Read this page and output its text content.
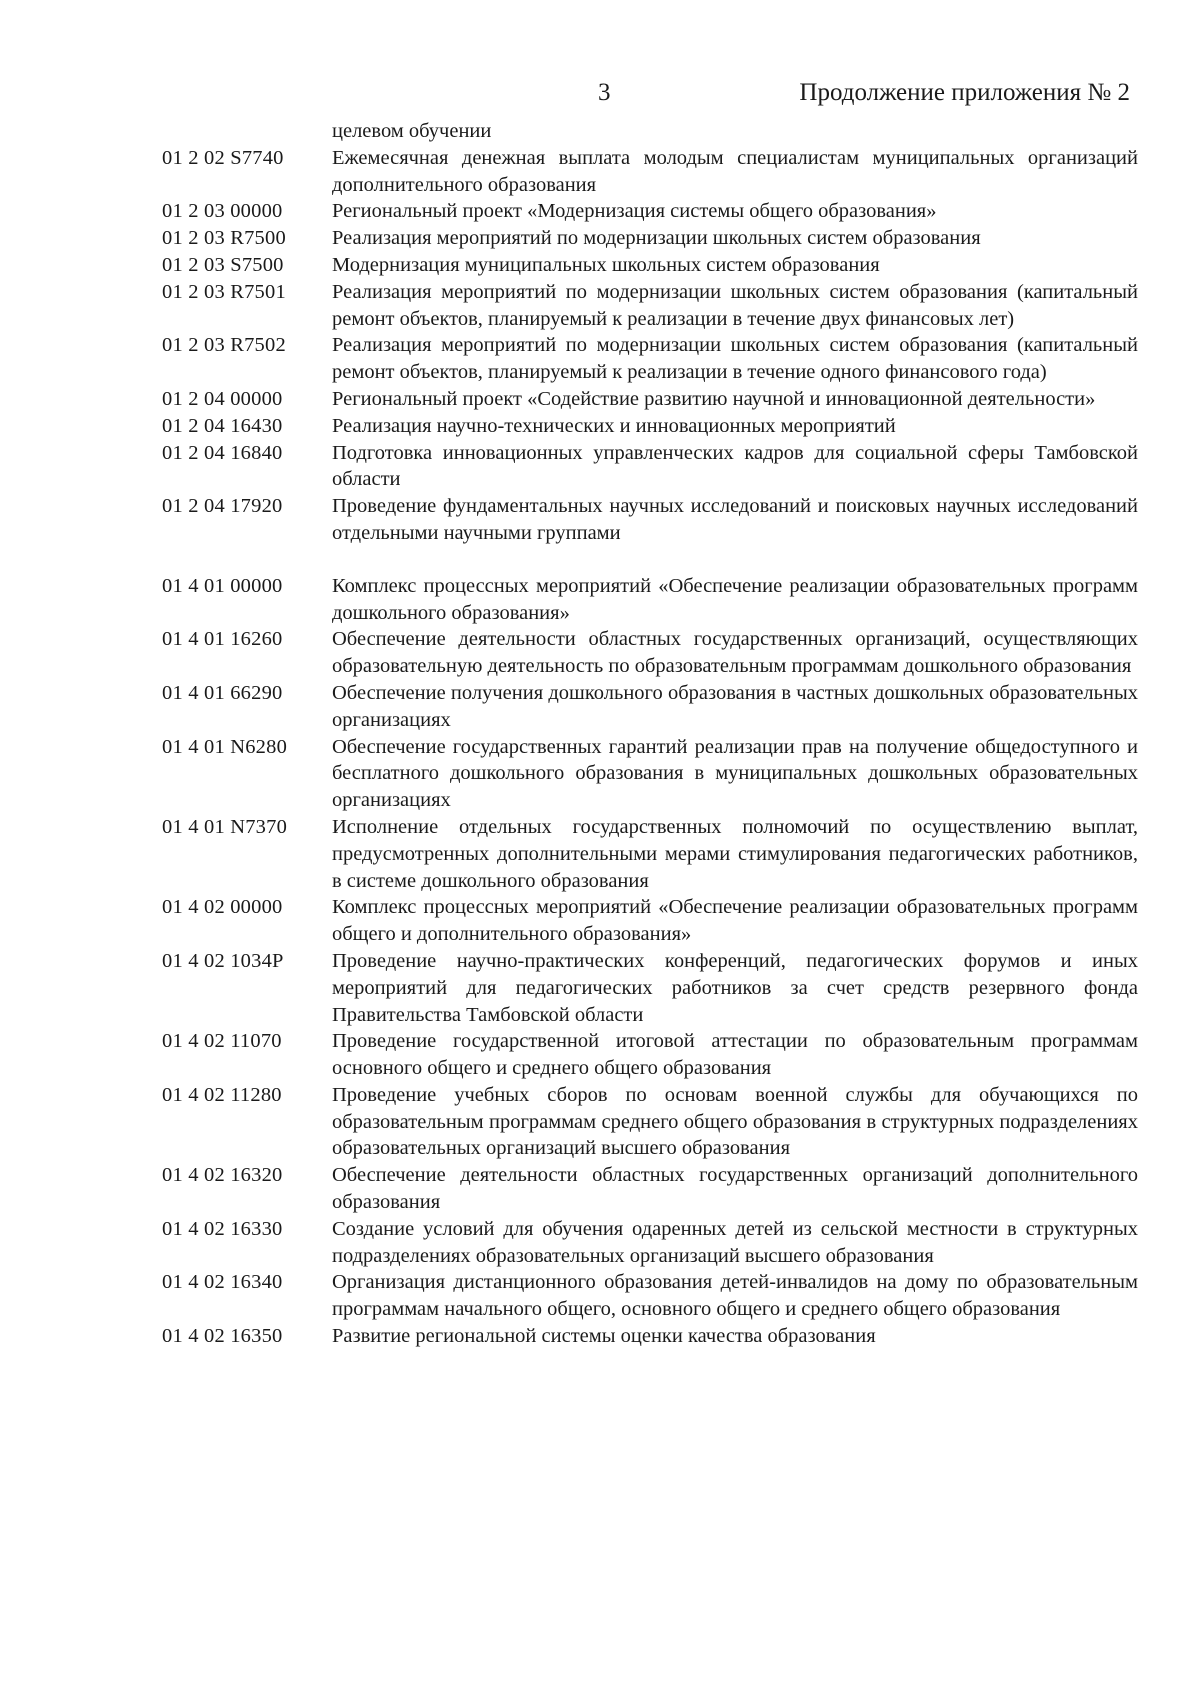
3	Продолжение приложения № 2
целевом обучении
01 2 02 S7740	Ежемесячная денежная выплата молодым специалистам муниципальных организаций дополнительного образования
01 2 03 00000	Региональный проект «Модернизация системы общего образования»
01 2 03 R7500	Реализация мероприятий по модернизации школьных систем образования
01 2 03 S7500	Модернизация муниципальных школьных систем образования
01 2 03 R7501	Реализация мероприятий по модернизации школьных систем образования (капитальный ремонт объектов, планируемый к реализации в течение двух финансовых лет)
01 2 03 R7502	Реализация мероприятий по модернизации школьных систем образования (капитальный ремонт объектов, планируемый к реализации в течение одного финансового года)
01 2 04 00000	Региональный проект «Содействие развитию научной и инновационной деятельности»
01 2 04 16430	Реализация научно-технических и инновационных мероприятий
01 2 04 16840	Подготовка инновационных управленческих кадров для социальной сферы Тамбовской области
01 2 04 17920	Проведение фундаментальных научных исследований и поисковых научных исследований отдельными научными группами
01 4 01 00000	Комплекс процессных мероприятий «Обеспечение реализации образовательных программ дошкольного образования»
01 4 01 16260	Обеспечение деятельности областных государственных организаций, осуществляющих образовательную деятельность по образовательным программам дошкольного образования
01 4 01 66290	Обеспечение получения дошкольного образования в частных дошкольных образовательных организациях
01 4 01 N6280	Обеспечение государственных гарантий реализации прав на получение общедоступного и бесплатного дошкольного образования в муниципальных дошкольных образовательных организациях
01 4 01 N7370	Исполнение отдельных государственных полномочий по осуществлению выплат, предусмотренных дополнительными мерами стимулирования педагогических работников, в системе дошкольного образования
01 4 02 00000	Комплекс процессных мероприятий «Обеспечение реализации образовательных программ общего и дополнительного образования»
01 4 02 1034P	Проведение научно-практических конференций, педагогических форумов и иных мероприятий для педагогических работников за счет средств резервного фонда Правительства Тамбовской области
01 4 02 11070	Проведение государственной итоговой аттестации по образовательным программам основного общего и среднего общего образования
01 4 02 11280	Проведение учебных сборов по основам военной службы для обучающихся по образовательным программам среднего общего образования в структурных подразделениях образовательных организаций высшего образования
01 4 02 16320	Обеспечение деятельности областных государственных организаций дополнительного образования
01 4 02 16330	Создание условий для обучения одаренных детей из сельской местности в структурных подразделениях образовательных организаций высшего образования
01 4 02 16340	Организация дистанционного образования детей-инвалидов на дому по образовательным программам начального общего, основного общего и среднего общего образования
01 4 02 16350	Развитие региональной системы оценки качества образования
